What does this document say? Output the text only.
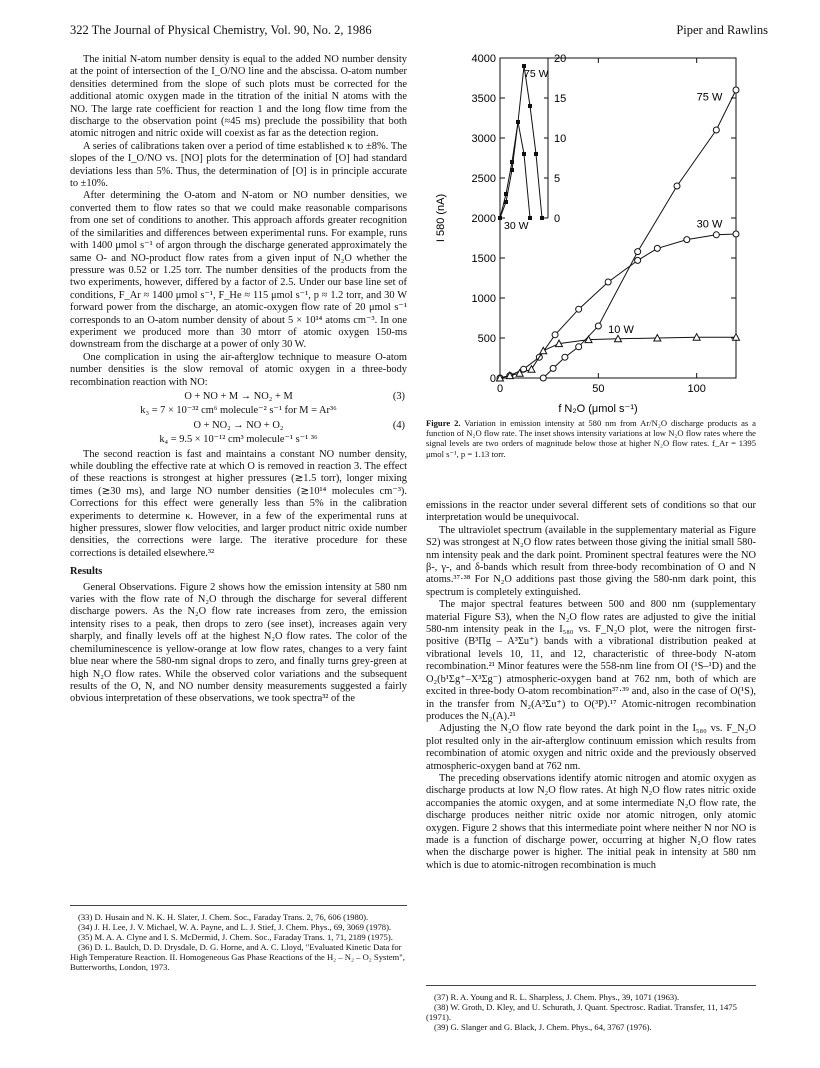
322 The Journal of Physical Chemistry, Vol. 90, No. 2, 1986	Piper and Rawlins

The initial N-atom number density is equal to the added NO number density at the point of intersection of the I_O/NO line and the abscissa. O-atom number densities determined from the slope of such plots must be corrected for the additional atomic oxygen made in the titration of the initial N atoms with the NO. The large rate coefficient for reaction 1 and the long flow time from the discharge to the observation point (≈45 ms) preclude the possibility that both atomic nitrogen and nitric oxide will coexist as far as the detection region.

A series of calibrations taken over a period of time established κ to ±8%. The slopes of the I_O/NO vs. [NO] plots for the determination of [O] had standard deviations less than 5%. Thus, the determination of [O] is in principle accurate to ±10%.

After determining the O-atom and N-atom or NO number densities, we converted them to flow rates so that we could make reasonable comparisons from one set of conditions to another. This approach affords greater recognition of the similarities and differences between experimental runs. For example, runs with 1400 μmol s⁻¹ of argon through the discharge generated approximately the same O- and NO-product flow rates from a given input of N₂O whether the pressure was 0.52 or 1.25 torr. The number densities of the products from the two experiments, however, differed by a factor of 2.5. Under our base line set of conditions, F_Ar ≈ 1400 μmol s⁻¹, F_He ≈ 115 μmol s⁻¹, p ≈ 1.2 torr, and 30 W forward power from the discharge, an atomic-oxygen flow rate of 20 μmol s⁻¹ corresponds to an O-atom number density of about 5 × 10¹⁴ atoms cm⁻³. In one experiment we produced more than 30 mtorr of atomic oxygen 150-ms downstream from the discharge at a power of only 30 W.

One complication in using the air-afterglow technique to measure O-atom number densities is the slow removal of atomic oxygen in a three-body recombination reaction with NO:

O + NO + M → NO₂ + M	(3)
k₃ = 7 × 10⁻³² cm⁶ molecule⁻² s⁻¹ for M = Ar³⁶
O + NO₂ → NO + O₂	(4)
k₄ = 9.5 × 10⁻¹² cm³ molecule⁻¹ s⁻¹ ³⁶

The second reaction is fast and maintains a constant NO number density, while doubling the effective rate at which O is removed in reaction 3. The effect of these reactions is strongest at higher pressures (≳1.5 torr), longer mixing times (≳30 ms), and large NO number densities (≳10¹⁴ molecules cm⁻³). Corrections for this effect were generally less than 5% in the calibration experiments to determine κ. However, in a few of the experimental runs at higher pressures, slower flow velocities, and larger product nitric oxide number densities, the corrections were large. The iterative procedure for these corrections is detailed elsewhere.³²

Results

General Observations. Figure 2 shows how the emission intensity at 580 nm varies with the flow rate of N₂O through the discharge for several different discharge powers. As the N₂O flow rate increases from zero, the emission intensity rises to a peak, then drops to zero (see inset), increases again very sharply, and finally levels off at the highest N₂O flow rates. The color of the chemiluminescence is yellow-orange at low flow rates, changes to a very faint blue near where the 580-nm signal drops to zero, and finally turns grey-green at high N₂O flow rates. While the observed color variations and the subsequent results of the O, N, and NO number density measurements suggested a fairly obvious interpretation of these observations, we took spectra³² of the

(33) D. Husain and N. K. H. Slater, J. Chem. Soc., Faraday Trans. 2, 76, 606 (1980).
(34) J. H. Lee, J. V. Michael, W. A. Payne, and L. J. Stief, J. Chem. Phys., 69, 3069 (1978).
(35) M. A. A. Clyne and I. S. McDermid, J. Chem. Soc., Faraday Trans. 1, 71, 2189 (1975).
(36) D. L. Baulch, D. D. Drysdale, D. G. Horne, and A. C. Lloyd, "Evaluated Kinetic Data for High Temperature Reaction. II. Homogeneous Gas Phase Reactions of the H₂ – N₂ – O₂ System", Butterworths, London, 1973.
0
500
1000
1500
2000
2500
3000
3500
4000
0	50	100
I 580 (nA)
f N₂O (μmol s⁻¹)
75 W
30 W
10 W
0
5
10
15
20
75 W
30 W
Figure 2. Variation in emission intensity at 580 nm from Ar/N₂O discharge products as a function of N₂O flow rate. The inset shows intensity variations at low N₂O flow rates where the signal levels are two orders of magnitude below those at higher N₂O flow rates. f_Ar = 1395 μmol s⁻¹, p = 1.13 torr.

emissions in the reactor under several different sets of conditions so that our interpretation would be unequivocal.

The ultraviolet spectrum (available in the supplementary material as Figure S2) was strongest at N₂O flow rates between those giving the initial small 580-nm intensity peak and the dark point. Prominent spectral features were the NO β-, γ-, and δ-bands which result from three-body recombination of O and N atoms.³⁷·³⁸ For N₂O additions past those giving the 580-nm dark point, this spectrum is completely extinguished.

The major spectral features between 500 and 800 nm (supplementary material Figure S3), when the N₂O flow rates are adjusted to give the initial 580-nm intensity peak in the I₅₈₀ vs. F_N₂O plot, were the nitrogen first-positive (B³Πg – A³Σu⁺) bands with a vibrational distribution peaked at vibrational levels 10, 11, and 12, characteristic of three-body N-atom recombination.²¹ Minor features were the 558-nm line from OI (¹S–¹D) and the O₂(b¹Σg⁺–X³Σg⁻) atmospheric-oxygen band at 762 nm, both of which are excited in three-body O-atom recombination³⁷·³⁹ and, also in the case of O(¹S), in the transfer from N₂(A³Σu⁺) to O(³P).¹⁷ Atomic-nitrogen recombination produces the N₂(A).²¹

Adjusting the N₂O flow rate beyond the dark point in the I₅₈₀ vs. F_N₂O plot resulted only in the air-afterglow continuum emission which results from recombination of atomic oxygen and nitric oxide and the previously observed atmospheric-oxygen band at 762 nm.

The preceding observations identify atomic nitrogen and atomic oxygen as discharge products at low N₂O flow rates. At high N₂O flow rates nitric oxide accompanies the atomic oxygen, and at some intermediate N₂O flow rate, the discharge produces neither nitric oxide nor atomic nitrogen, only atomic oxygen. Figure 2 shows that this intermediate point where neither N nor NO is made is a function of discharge power, occurring at higher N₂O flow rates when the discharge power is higher. The initial peak in intensity at 580 nm which is due to atomic-nitrogen recombination is much

(37) R. A. Young and R. L. Sharpless, J. Chem. Phys., 39, 1071 (1963).
(38) W. Groth, D. Kley, and U. Schurath, J. Quant. Spectrosc. Radiat. Transfer, 11, 1475 (1971).
(39) G. Slanger and G. Black, J. Chem. Phys., 64, 3767 (1976).
